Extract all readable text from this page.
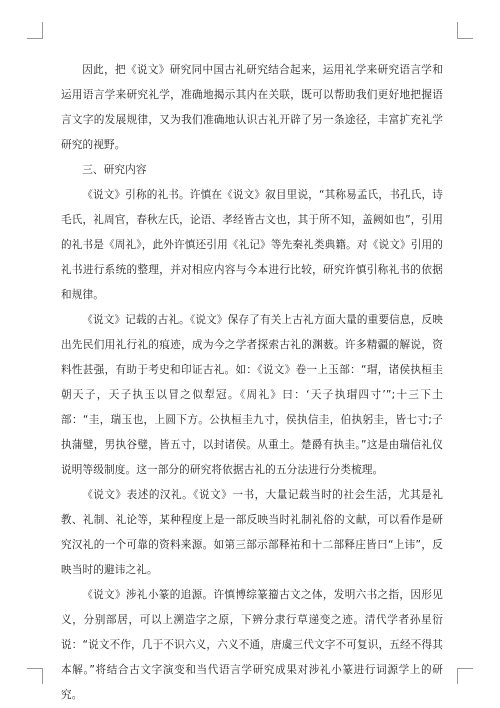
因此，把《说文》研究同中国古礼研究结合起来，运用礼学来研究语言学和运用语言学来研究礼学，准确地揭示其内在关联，既可以帮助我们更好地把握语言文字的发展规律，又为我们准确地认识古礼开辟了另一条途径，丰富扩充礼学研究的视野。

三、研究内容

《说文》引称的礼书。许慎在《说文》叙目里说，“其称易孟氏，书孔氏，诗毛氏，礼周官，春秋左氏，论语、孝经皆古文也，其于所不知，盖阙如也”，引用的礼书是《周礼》，此外许慎还引用《礼记》等先秦礼类典籍。对《说文》引用的礼书进行系统的整理，并对相应内容与今本进行比较，研究许慎引称礼书的依据和规律。

《说文》记载的古礼。《说文》保存了有关上古礼方面大量的重要信息，反映出先民们用礼行礼的痕迹，成为今之学者探索古礼的渊薮。许多精疆的解说，资料性甚强，有助于考史和印证古礼。如：《说文》卷一上玉部：“瑁，诸侯执桓圭朝天子，天子执玉以冒之似犁冠。《周礼》曰：‘天子执瑁四寸’”;十三下土部：“圭，瑞玉也，上圆下方。公执桓圭九寸，侯执信圭，伯执躬圭，皆七寸;子执蒲璧，男执谷璧，皆五寸，以封诸侯。从重土。楚爵有执圭。”这是由瑞信礼仪说明等级制度。这一部分的研究将依据古礼的五分法进行分类梳理。

《说文》表述的汉礼。《说文》一书，大量记载当时的社会生活，尤其是礼教、礼制、礼论等，某种程度上是一部反映当时礼制礼俗的文献，可以看作是研究汉礼的一个可靠的资料来源。如第三部示部释祐和十二部释庄皆曰“上讳”，反映当时的避讳之礼。

《说文》涉礼小篆的追源。许慎博综篆籀古文之体，发明六书之指，因形见义，分别部居，可以上溯造字之原，下辨分隶行草递变之迹。清代学者孙星衍说：“说文不作，几于不识六义，六义不通，唐虞三代文字不可复识，五经不得其本解。”将结合古文字演变和当代语言学研究成果对涉礼小篆进行词源学上的研究。
